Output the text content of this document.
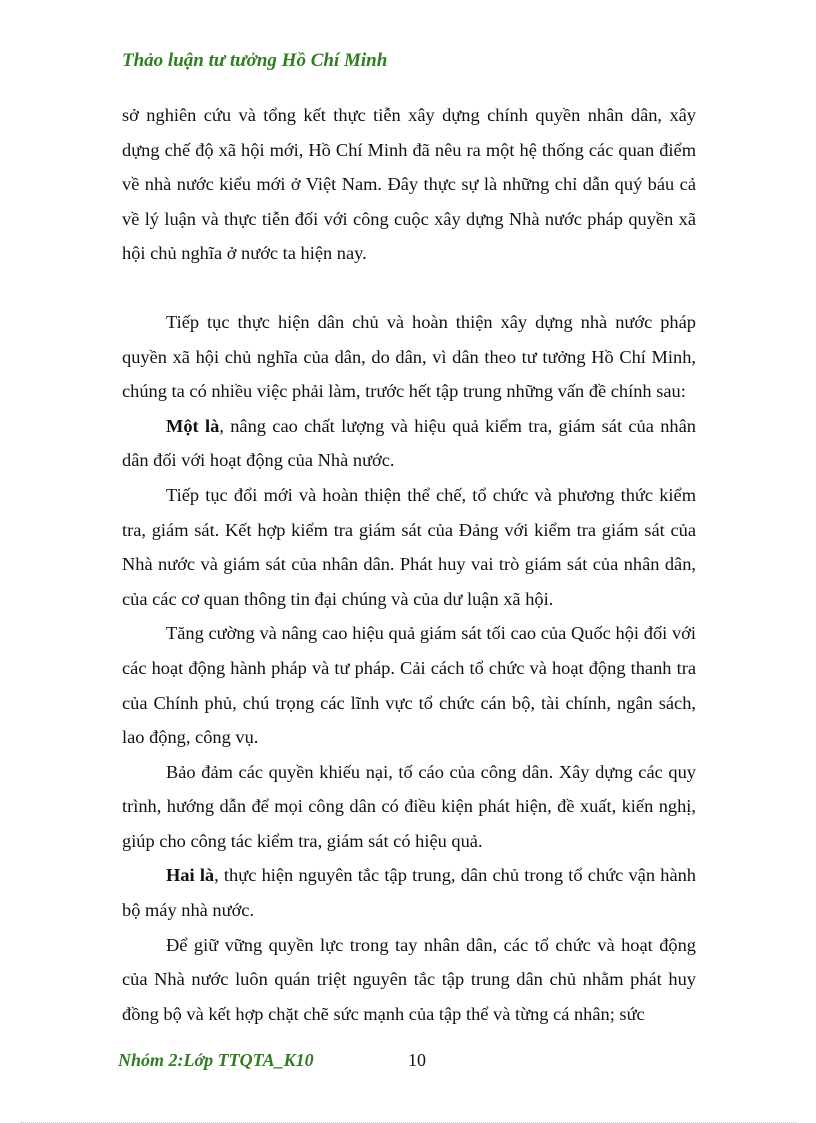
Thảo luận tư tưởng Hồ Chí Minh

sở nghiên cứu và tổng kết thực tiễn xây dựng chính quyền nhân dân, xây dựng chế độ xã hội mới, Hồ Chí Minh đã nêu ra một hệ thống các quan điểm về nhà nước kiểu mới ở Việt Nam. Đây thực sự là những chỉ dẫn quý báu cả về lý luận và thực tiễn đối với công cuộc xây dựng Nhà nước pháp quyền xã hội chủ nghĩa ở nước ta hiện nay.

Tiếp tục thực hiện dân chủ và hoàn thiện xây dựng nhà nước pháp quyền xã hội chủ nghĩa của dân, do dân, vì dân theo tư tưởng Hồ Chí Minh, chúng ta có nhiều việc phải làm, trước hết tập trung những vấn đề chính sau:

Một là, nâng cao chất lượng và hiệu quả kiểm tra, giám sát của nhân dân đối với hoạt động của Nhà nước.

Tiếp tục đổi mới và hoàn thiện thể chế, tổ chức và phương thức kiểm tra, giám sát. Kết hợp kiểm tra giám sát của Đảng với kiểm tra giám sát của Nhà nước và giám sát của nhân dân. Phát huy vai trò giám sát của nhân dân, của các cơ quan thông tin đại chúng và của dư luận xã hội.

Tăng cường và nâng cao hiệu quả giám sát tối cao của Quốc hội đối với các hoạt động hành pháp và tư pháp. Cải cách tổ chức và hoạt động thanh tra của Chính phủ, chú trọng các lĩnh vực tổ chức cán bộ, tài chính, ngân sách, lao động, công vụ.

Bảo đảm các quyền khiếu nại, tố cáo của công dân. Xây dựng các quy trình, hướng dẫn để mọi công dân có điều kiện phát hiện, đề xuất, kiến nghị, giúp cho công tác kiểm tra, giám sát có hiệu quả.

Hai là, thực hiện nguyên tắc tập trung, dân chủ trong tổ chức vận hành bộ máy nhà nước.

Để giữ vững quyền lực trong tay nhân dân, các tổ chức và hoạt động của Nhà nước luôn quán triệt nguyên tắc tập trung dân chủ nhằm phát huy đồng bộ và kết hợp chặt chẽ sức mạnh của tập thể và từng cá nhân; sức

Nhóm 2:Lớp TTQTA_K10	10
